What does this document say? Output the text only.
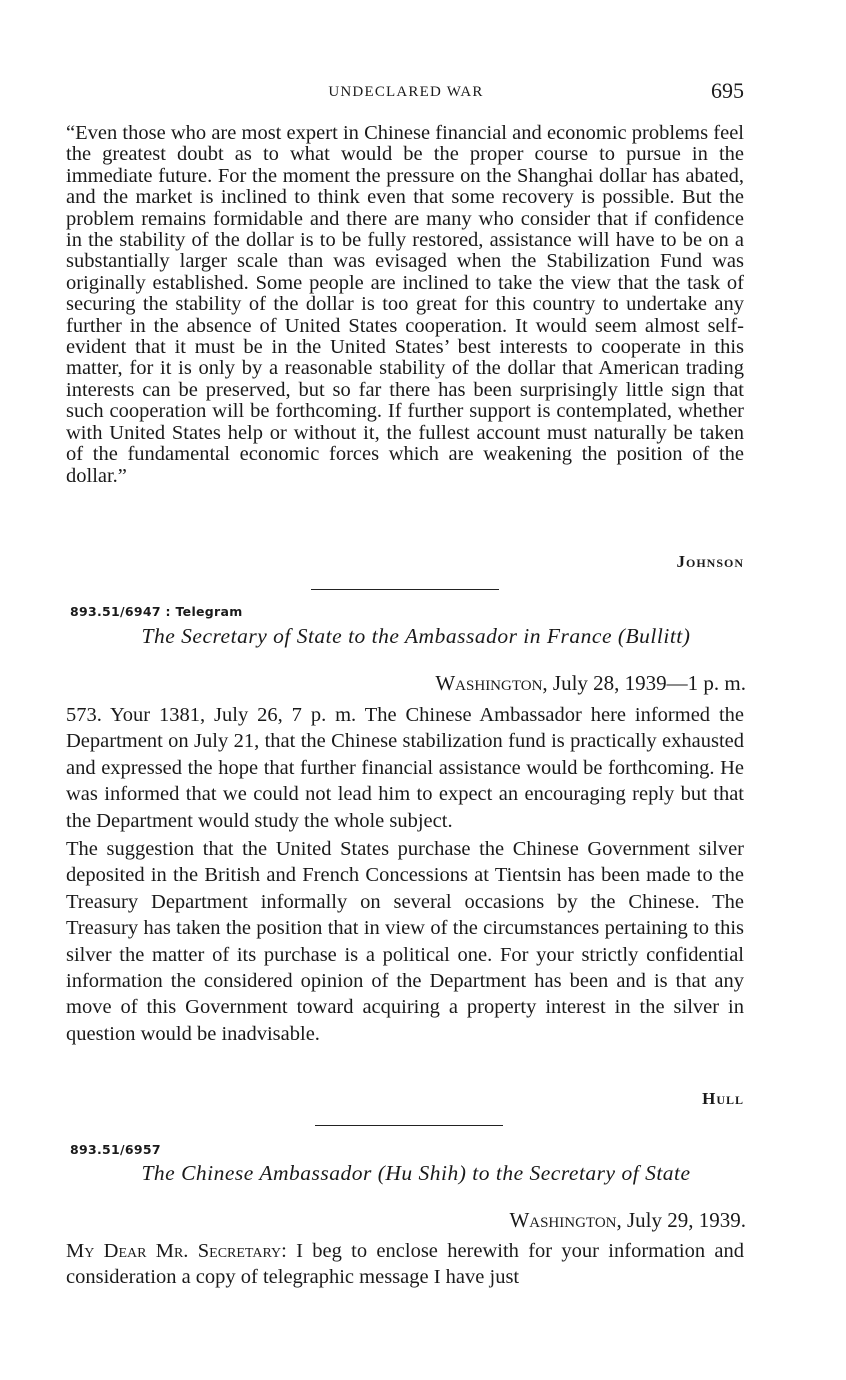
UNDECLARED WAR	695

“Even those who are most expert in Chinese financial and economic problems feel the greatest doubt as to what would be the proper course to pursue in the immediate future. For the moment the pressure on the Shanghai dollar has abated, and the market is inclined to think even that some recovery is possible. But the problem remains formidable and there are many who consider that if confidence in the stability of the dollar is to be fully restored, assistance will have to be on a substantially larger scale than was evisaged when the Stabilization Fund was originally established. Some people are inclined to take the view that the task of securing the stability of the dollar is too great for this country to undertake any further in the absence of United States cooperation. It would seem almost self-evident that it must be in the United States’ best interests to cooperate in this matter, for it is only by a reasonable stability of the dollar that American trading interests can be preserved, but so far there has been surprisingly little sign that such cooperation will be forthcoming. If further support is contemplated, whether with United States help or without it, the fullest account must naturally be taken of the fundamental economic forces which are weakening the position of the dollar.”

Johnson
893.51/6947 : Telegram
The Secretary of State to the Ambassador in France (Bullitt)
Washington, July 28, 1939—1 p. m.

573. Your 1381, July 26, 7 p. m. The Chinese Ambassador here informed the Department on July 21, that the Chinese stabilization fund is practically exhausted and expressed the hope that further financial assistance would be forthcoming. He was informed that we could not lead him to expect an encouraging reply but that the Department would study the whole subject.

The suggestion that the United States purchase the Chinese Government silver deposited in the British and French Concessions at Tientsin has been made to the Treasury Department informally on several occasions by the Chinese. The Treasury has taken the position that in view of the circumstances pertaining to this silver the matter of its purchase is a political one. For your strictly confidential information the considered opinion of the Department has been and is that any move of this Government toward acquiring a property interest in the silver in question would be inadvisable.

Hull
893.51/6957
The Chinese Ambassador (Hu Shih) to the Secretary of State
Washington, July 29, 1939.

My Dear Mr. Secretary: I beg to enclose herewith for your information and consideration a copy of telegraphic message I have just
